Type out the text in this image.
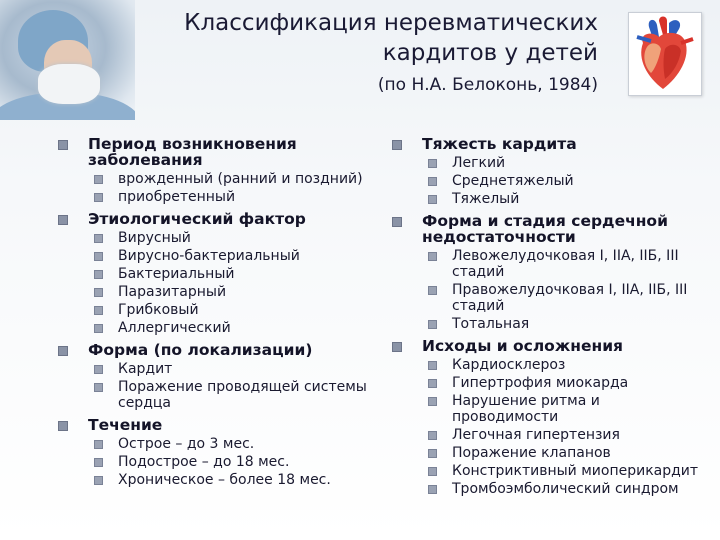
Классификация неревматических
кардитов у детей
(по Н.А. Белоконь, 1984)
Период возникновения заболевания
врожденный (ранний и поздний)
приобретенный
Этиологический фактор
Вирусный
Вирусно-бактериальный
Бактериальный
Паразитарный
Грибковый
Аллергический
Форма (по локализации)
Кардит
Поражение проводящей системы сердца
Течение
Острое – до 3 мес.
Подострое – до 18 мес.
Хроническое – более 18 мес.
Тяжесть кардита
Легкий
Среднетяжелый
Тяжелый
Форма и стадия сердечной недостаточности
Левожелудочковая I, IIA, IIБ, III стадий
Правожелудочковая I, IIA, IIБ, III стадий
Тотальная
Исходы и осложнения
Кардиосклероз
Гипертрофия миокарда
Нарушение ритма и проводимости
Легочная гипертензия
Поражение клапанов
Констриктивный миоперикардит
Тромбоэмболический синдром
